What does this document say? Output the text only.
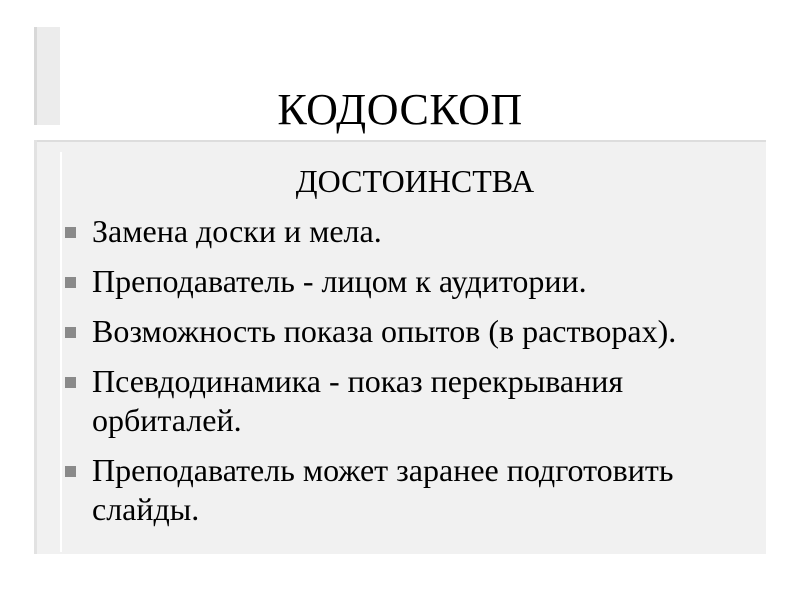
КОДОСКОП
ДОСТОИНСТВА
Замена доски и мела.
Преподаватель - лицом к аудитории.
Возможность показа опытов (в растворах).
Псевдодинамика - показ перекрывания орбиталей.
Преподаватель может заранее подготовить слайды.
